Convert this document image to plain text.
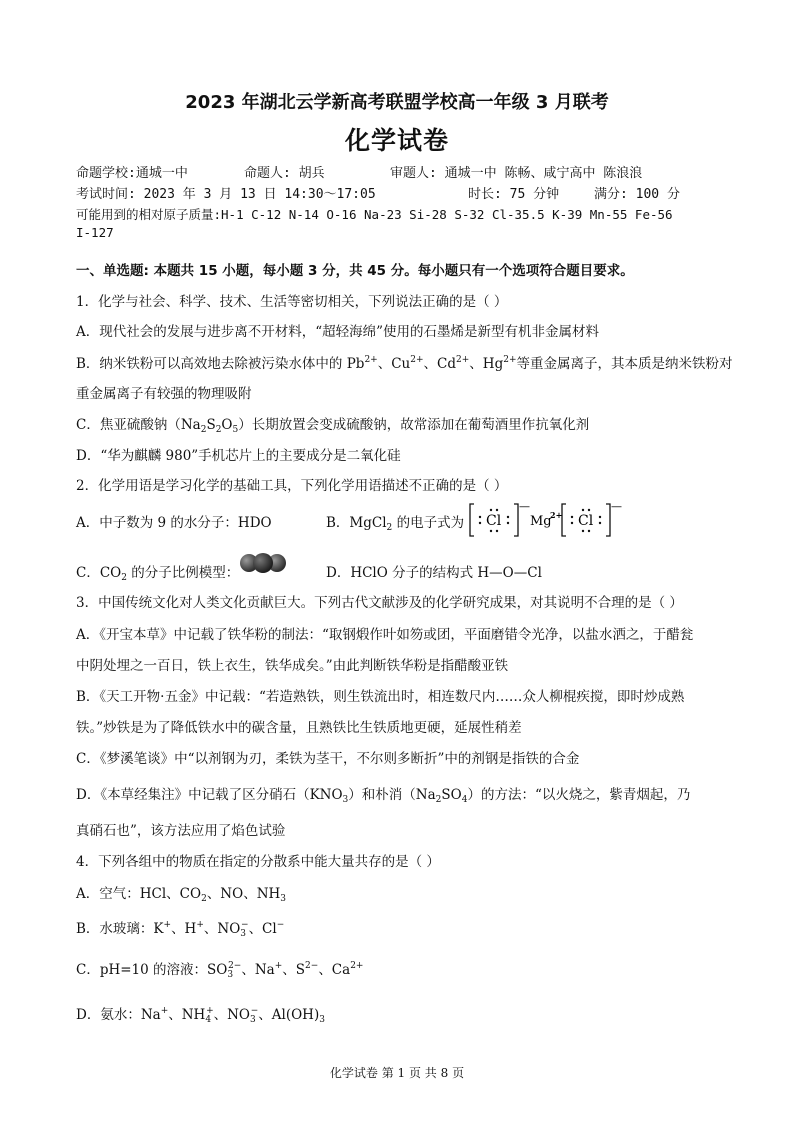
2023 年湖北云学新高考联盟学校高一年级 3 月联考
化学试卷
命题学校:通城一中	命题人: 胡兵	审题人: 通城一中 陈畅、咸宁高中 陈浪浪
考试时间: 2023 年 3 月 13 日 14:30～17:05	时长: 75 分钟	满分: 100 分
可能用到的相对原子质量:H-1 C-12 N-14 O-16 Na-23 Si-28 S-32 Cl-35.5 K-39 Mn-55 Fe-56
I-127
一、单选题: 本题共 15 小题，每小题 3 分，共 45 分。每小题只有一个选项符合题目要求。
1．化学与社会、科学、技术、生活等密切相关，下列说法正确的是（ ）
A．现代社会的发展与进步离不开材料，“超轻海绵”使用的石墨烯是新型有机非金属材料
B．纳米铁粉可以高效地去除被污染水体中的 $Pb^{2+}$、$Cu^{2+}$、$Cd^{2+}$、$Hg^{2+}$等重金属离子，其本质是纳米铁粉对
重金属离子有较强的物理吸附
C．焦亚硫酸钠$(Na_2S_2O_5)$长期放置会变成硫酸钠，故常添加在葡萄酒里作抗氧化剂
D．“华为麒麟 980”手机芯片上的主要成分是二氧化硅
2．化学用语是学习化学的基础工具，下列化学用语描述不正确的是（ ）
A．中子数为 9 的水分子：HDO	B．MgCl$_2$ 的电子式为 Cl
—
Mg
2+ Cl
—
C．$CO_2$ 的分子比例模型：	D．HClO 分子的结构式 H—O—Cl
3．中国传统文化对人类文化贡献巨大。下列古代文献涉及的化学研究成果，对其说明不合理的是（ ）
A．《开宝本草》中记载了铁华粉的制法：“取钢煅作叶如笏或团，平面磨错令光净，以盐水洒之，于醋瓮
中阴处埋之一百日，铁上衣生，铁华成矣。”由此判断铁华粉是指醋酸亚铁
B．《天工开物·五金》中记载：“若造熟铁，则生铁流出时，相连数尺内……众人柳棍疾搅，即时炒成熟
铁。”炒铁是为了降低铁水中的碳含量，且熟铁比生铁质地更硬，延展性稍差
C．《梦溪笔谈》中“以剂钢为刃，柔铁为茎干，不尔则多断折”中的剂钢是指铁的合金
D．《本草经集注》中记载了区分硝石$(KNO_3)$和朴消$(Na_2SO_4)$的方法：“以火烧之，紫青烟起，乃
真硝石也”，该方法应用了焰色试验
4．下列各组中的物质在指定的分散系中能大量共存的是（ ）
A．空气：HCl、$CO_2$、NO、$NH_3$
B．水玻璃：K+、H+、$NO_3^-$、Cl−
C．pH=10 的溶液：$SO_3^{2-}$、Na+、$S^{2-}$、$Ca^{2+}$
D．氨水：Na+、$NH_4^+$、$NO_3^-$、$Al(OH)_3$
化学试卷 第 1 页 共 8 页
